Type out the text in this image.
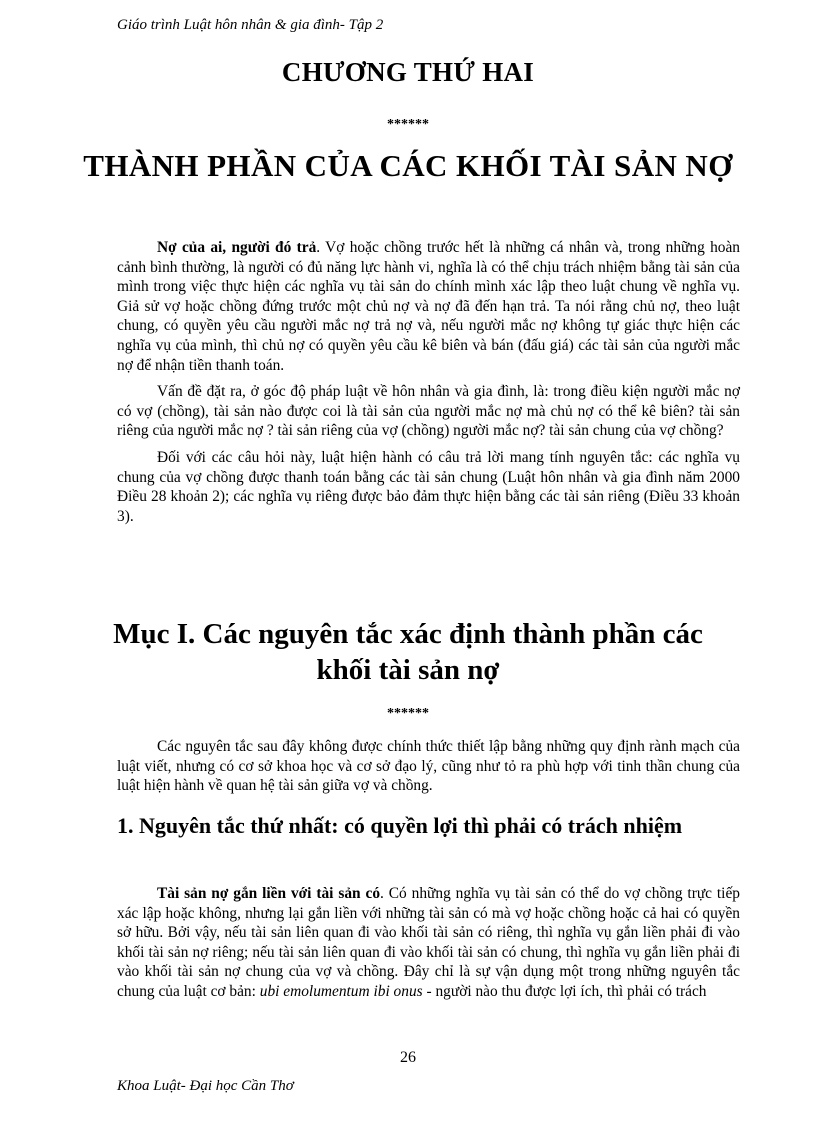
Giáo trình Luật hôn nhân & gia đình- Tập 2
CHƯƠNG THỨ HAI
******
THÀNH PHẦN CỦA CÁC KHỐI TÀI SẢN NỢ

Nợ của ai, người đó trả. Vợ hoặc chồng trước hết là những cá nhân và, trong những hoàn cảnh bình thường, là người có đủ năng lực hành vi, nghĩa là có thể chịu trách nhiệm bằng tài sản của mình trong việc thực hiện các nghĩa vụ tài sản do chính mình xác lập theo luật chung về nghĩa vụ. Giả sử vợ hoặc chồng đứng trước một chủ nợ và nợ đã đến hạn trả. Ta nói rằng chủ nợ, theo luật chung, có quyền yêu cầu người mắc nợ trả nợ và, nếu người mắc nợ không tự giác thực hiện các nghĩa vụ của mình, thì chủ nợ có quyền yêu cầu kê biên và bán (đấu giá) các tài sản của người mắc nợ để nhận tiền thanh toán.

Vấn đề đặt ra, ở góc độ pháp luật về hôn nhân và gia đình, là: trong điều kiện người mắc nợ có vợ (chồng), tài sản nào được coi là tài sản của người mắc nợ mà chủ nợ có thể kê biên? tài sản riêng của người mắc nợ ? tài sản riêng của vợ (chồng) người mắc nợ? tài sản chung của vợ chồng?

Đối với các câu hỏi này, luật hiện hành có câu trả lời mang tính nguyên tắc: các nghĩa vụ chung của vợ chồng được thanh toán bằng các tài sản chung (Luật hôn nhân và gia đình năm 2000 Điều 28 khoản 2); các nghĩa vụ riêng được bảo đảm thực hiện bằng các tài sản riêng (Điều 33 khoản 3).

Mục I. Các nguyên tắc xác định thành phần các
khối tài sản nợ
******

Các nguyên tắc sau đây không được chính thức thiết lập bằng những quy định rành mạch của luật viết, nhưng có cơ sở khoa học và cơ sở đạo lý, cũng như tỏ ra phù hợp với tinh thần chung của luật hiện hành về quan hệ tài sản giữa vợ và chồng.

1. Nguyên tắc thứ nhất: có quyền lợi thì phải có trách nhiệm

Tài sản nợ gắn liền với tài sản có. Có những nghĩa vụ tài sản có thể do vợ chồng trực tiếp xác lập hoặc không, nhưng lại gắn liền với những tài sản có mà vợ hoặc chồng hoặc cả hai có quyền sở hữu. Bởi vậy, nếu tài sản liên quan đi vào khối tài sản có riêng, thì nghĩa vụ gắn liền phải đi vào khối tài sản nợ riêng; nếu tài sản liên quan đi vào khối tài sản có chung, thì nghĩa vụ gắn liền phải đi vào khối tài sản nợ chung của vợ và chồng. Đây chỉ là sự vận dụng một trong những nguyên tắc chung của luật cơ bản: ubi emolumentum ibi onus - người nào thu được lợi ích, thì phải có trách

26
Khoa Luật- Đại học Cần Thơ
